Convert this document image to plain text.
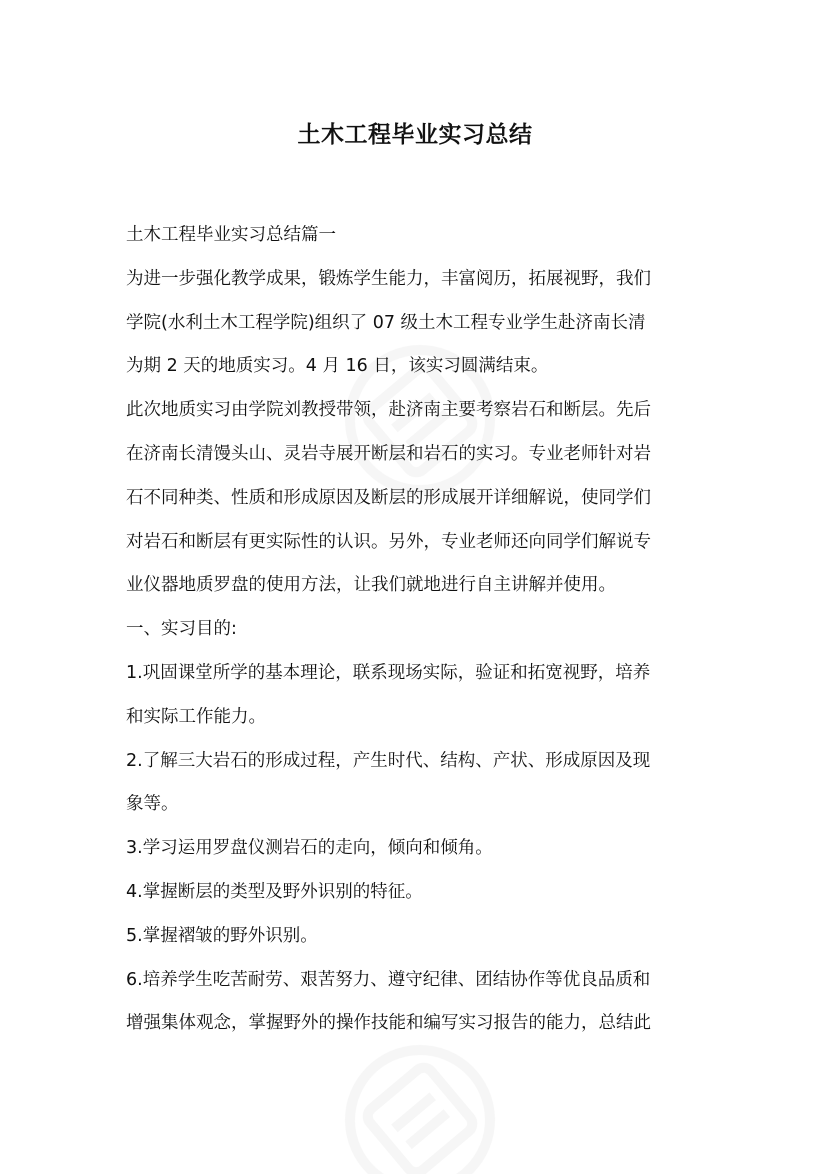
土木工程毕业实习总结
土木工程毕业实习总结篇一
为进一步强化教学成果，锻炼学生能力，丰富阅历，拓展视野，我们
学院(水利土木工程学院)组织了 07 级土木工程专业学生赴济南长清
为期 2 天的地质实习。4 月 16 日，该实习圆满结束。
此次地质实习由学院刘教授带领，赴济南主要考察岩石和断层。先后
在济南长清馒头山、灵岩寺展开断层和岩石的实习。专业老师针对岩
石不同种类、性质和形成原因及断层的形成展开详细解说，使同学们
对岩石和断层有更实际性的认识。另外，专业老师还向同学们解说专
业仪器地质罗盘的使用方法，让我们就地进行自主讲解并使用。
一、实习目的:
1.巩固课堂所学的基本理论，联系现场实际，验证和拓宽视野，培养
和实际工作能力。
2.了解三大岩石的形成过程，产生时代、结构、产状、形成原因及现
象等。
3.学习运用罗盘仪测岩石的走向，倾向和倾角。
4.掌握断层的类型及野外识别的特征。
5.掌握褶皱的野外识别。
6.培养学生吃苦耐劳、艰苦努力、遵守纪律、团结协作等优良品质和
增强集体观念，掌握野外的操作技能和编写实习报告的能力，总结此
